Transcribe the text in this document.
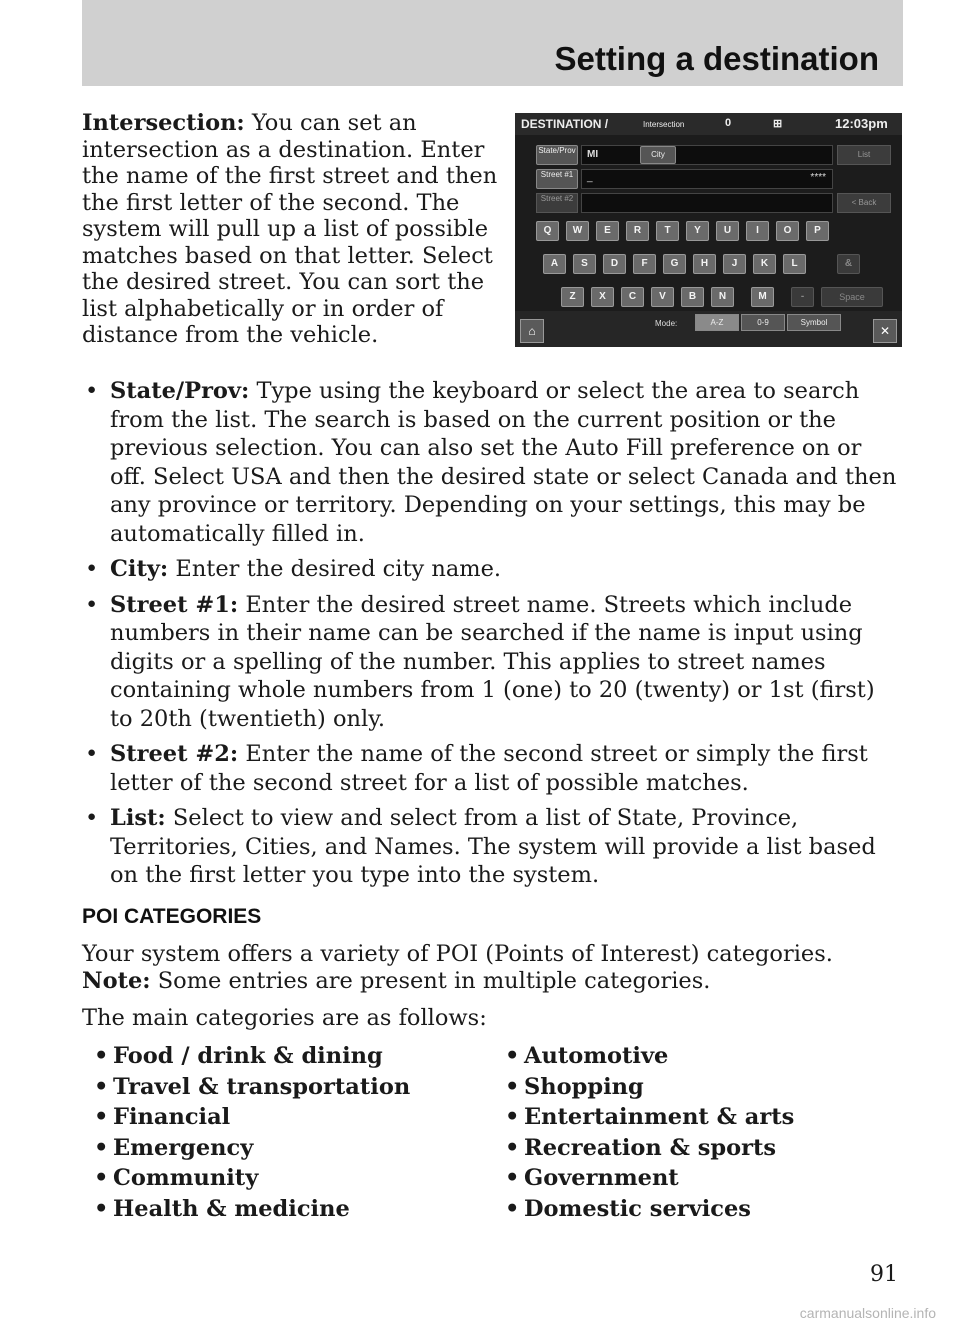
Setting a destination
Intersection: You can set an intersection as a destination. Enter the name of the first street and then the first letter of the second. The system will pull up a list of possible matches based on that letter. Select the desired street. You can sort the list alphabetically or in order of distance from the vehicle.
DESTINATION /	Intersection	0	⊞	12:03pm
State/Prov MI	City	List
Street #1	_	****
Street #2	< Back
Q	W	E	R	T	Y	U	I	O	P
A	S	D	F	G	H	J	K	L	&
Z	X	C	V	B	N	M	-	Space
⌂
Mode:	A-Z	0-9	Symbol
✕
• State/Prov: Type using the keyboard or select the area to search from the list. The search is based on the current position or the previous selection. You can also set the Auto Fill preference on or off. Select USA and then the desired state or select Canada and then any province or territory. Depending on your settings, this may be automatically filled in.
• City: Enter the desired city name.
• Street #1: Enter the desired street name. Streets which include numbers in their name can be searched if the name is input using digits or a spelling of the number. This applies to street names containing whole numbers from 1 (one) to 20 (twenty) or 1st (first) to 20th (twentieth) only.
• Street #2: Enter the name of the second street or simply the first letter of the second street for a list of possible matches.
• List: Select to view and select from a list of State, Province, Territories, Cities, and Names. The system will provide a list based on the first letter you type into the system.
POI CATEGORIES
Your system offers a variety of POI (Points of Interest) categories.
Note: Some entries are present in multiple categories.
The main categories are as follows:
• Food / drink & dining
• Travel & transportation
• Financial
• Emergency
• Community
• Health & medicine
• Automotive
• Shopping
• Entertainment & arts
• Recreation & sports
• Government
• Domestic services
91
carmanualsonline.info
